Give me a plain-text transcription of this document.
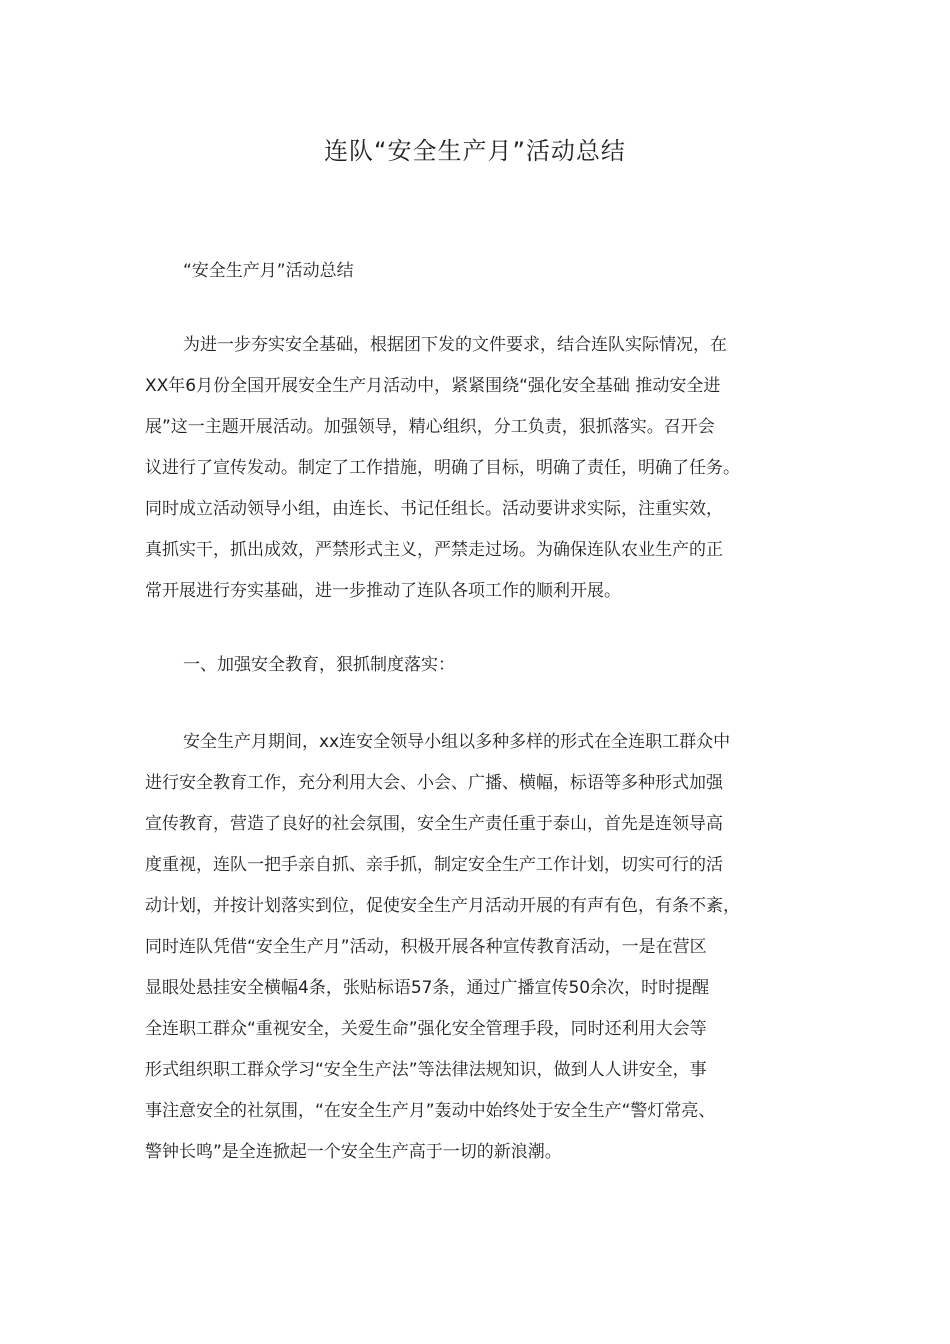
连队“安全生产月”活动总结
“安全生产月”活动总结
为进一步夯实安全基础，根据团下发的文件要求，结合连队实际情况，在
XX年6月份全国开展安全生产月活动中，紧紧围绕“强化安全基础 推动安全进
展”这一主题开展活动。加强领导，精心组织，分工负责，狠抓落实。召开会
议进行了宣传发动。制定了工作措施，明确了目标，明确了责任，明确了任务。
同时成立活动领导小组，由连长、书记任组长。活动要讲求实际，注重实效，
真抓实干，抓出成效，严禁形式主义，严禁走过场。为确保连队农业生产的正
常开展进行夯实基础，进一步推动了连队各项工作的顺利开展。
一、加强安全教育，狠抓制度落实：
安全生产月期间，xx连安全领导小组以多种多样的形式在全连职工群众中
进行安全教育工作，充分利用大会、小会、广播、横幅，标语等多种形式加强
宣传教育，营造了良好的社会氛围，安全生产责任重于泰山，首先是连领导高
度重视，连队一把手亲自抓、亲手抓，制定安全生产工作计划，切实可行的活
动计划，并按计划落实到位，促使安全生产月活动开展的有声有色，有条不紊，
同时连队凭借“安全生产月”活动，积极开展各种宣传教育活动，一是在营区
显眼处悬挂安全横幅4条，张贴标语57条，通过广播宣传50余次，时时提醒
全连职工群众“重视安全，关爱生命”强化安全管理手段，同时还利用大会等
形式组织职工群众学习“安全生产法”等法律法规知识，做到人人讲安全，事
事注意安全的社氛围，“在安全生产月”轰动中始终处于安全生产“警灯常亮、
警钟长鸣”是全连掀起一个安全生产高于一切的新浪潮。
